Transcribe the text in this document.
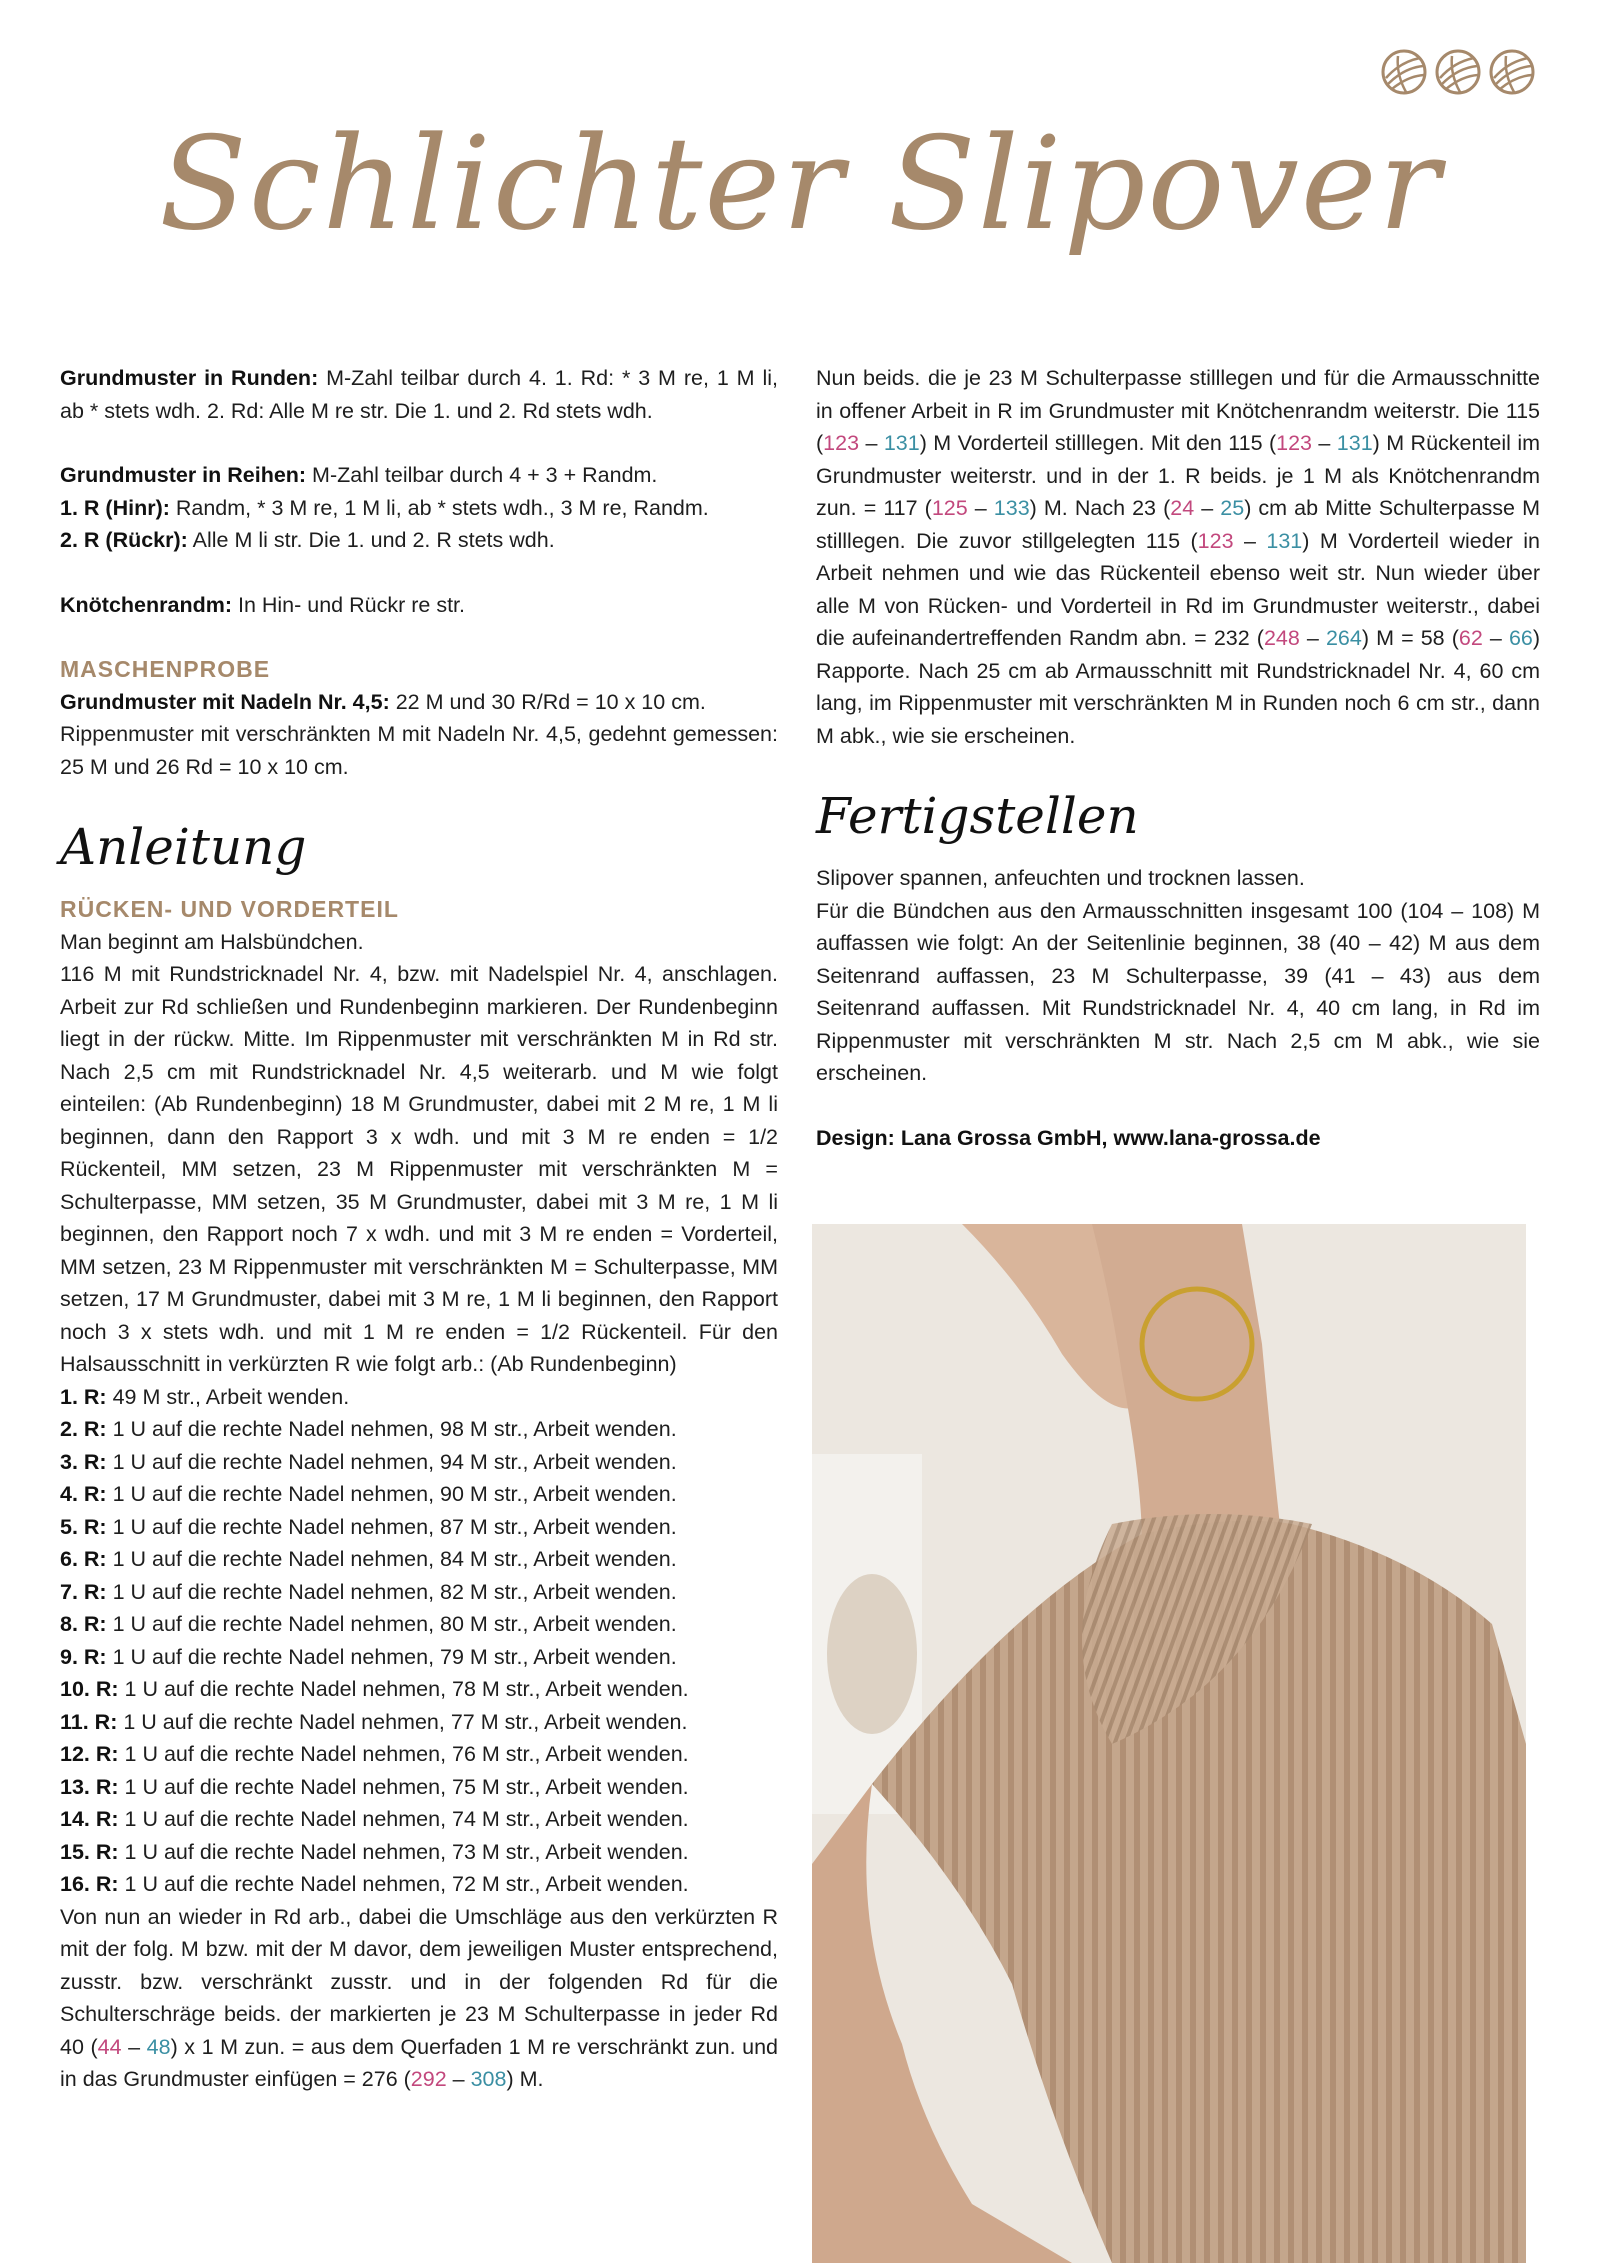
Schlichter Slipover

Grundmuster in Runden: M-Zahl teilbar durch 4. 1. Rd: * 3 M re, 1 M li, ab * stets wdh. 2. Rd: Alle M re str. Die 1. und 2. Rd stets wdh.

Grundmuster in Reihen: M-Zahl teilbar durch 4 + 3 + Randm.

1. R (Hinr): Randm, * 3 M re, 1 M li, ab * stets wdh., 3 M re, Randm.

2. R (Rückr): Alle M li str. Die 1. und 2. R stets wdh.

Knötchenrandm: In Hin- und Rückr re str.

MASCHENPROBE

Grundmuster mit Nadeln Nr. 4,5: 22 M und 30 R/Rd = 10 x 10 cm.

Rippenmuster mit verschränkten M mit Nadeln Nr. 4,5, gedehnt gemessen: 25 M und 26 Rd = 10 x 10 cm.

Anleitung

RÜCKEN- UND VORDERTEIL

Man beginnt am Halsbündchen.

116 M mit Rundstricknadel Nr. 4, bzw. mit Nadelspiel Nr. 4, anschlagen. Arbeit zur Rd schließen und Rundenbeginn markieren. Der Rundenbeginn liegt in der rückw. Mitte. Im Rippenmuster mit verschränkten M in Rd str. Nach 2,5 cm mit Rundstricknadel Nr. 4,5 weiterarb. und M wie folgt einteilen: (Ab Rundenbeginn) 18 M Grundmuster, dabei mit 2 M re, 1 M li beginnen, dann den Rapport 3 x wdh. und mit 3 M re enden = 1/2 Rückenteil, MM setzen, 23 M Rippenmuster mit verschränkten M = Schulterpasse, MM setzen, 35 M Grundmuster, dabei mit 3 M re, 1 M li beginnen, den Rapport noch 7 x wdh. und mit 3 M re enden = Vorderteil, MM setzen, 23 M Rippenmuster mit verschränkten M = Schulterpasse, MM setzen, 17 M Grundmuster, dabei mit 3 M re, 1 M li beginnen, den Rapport noch 3 x stets wdh. und mit 1 M re enden = 1/2 Rückenteil. Für den Halsausschnitt in verkürzten R wie folgt arb.: (Ab Rundenbeginn)

1. R: 49 M str., Arbeit wenden.

2. R: 1 U auf die rechte Nadel nehmen, 98 M str., Arbeit wenden.

3. R: 1 U auf die rechte Nadel nehmen, 94 M str., Arbeit wenden.

4. R: 1 U auf die rechte Nadel nehmen, 90 M str., Arbeit wenden.

5. R: 1 U auf die rechte Nadel nehmen, 87 M str., Arbeit wenden.

6. R: 1 U auf die rechte Nadel nehmen, 84 M str., Arbeit wenden.

7. R: 1 U auf die rechte Nadel nehmen, 82 M str., Arbeit wenden.

8. R: 1 U auf die rechte Nadel nehmen, 80 M str., Arbeit wenden.

9. R: 1 U auf die rechte Nadel nehmen, 79 M str., Arbeit wenden.

10. R: 1 U auf die rechte Nadel nehmen, 78 M str., Arbeit wenden.

11. R: 1 U auf die rechte Nadel nehmen, 77 M str., Arbeit wenden.

12. R: 1 U auf die rechte Nadel nehmen, 76 M str., Arbeit wenden.

13. R: 1 U auf die rechte Nadel nehmen, 75 M str., Arbeit wenden.

14. R: 1 U auf die rechte Nadel nehmen, 74 M str., Arbeit wenden.

15. R: 1 U auf die rechte Nadel nehmen, 73 M str., Arbeit wenden.

16. R: 1 U auf die rechte Nadel nehmen, 72 M str., Arbeit wenden.

Von nun an wieder in Rd arb., dabei die Umschläge aus den verkürzten R mit der folg. M bzw. mit der M davor, dem jeweiligen Muster entsprechend, zusstr. bzw. verschränkt zusstr. und in der folgenden Rd für die Schulterschräge beids. der markierten je 23 M Schulterpasse in jeder Rd 40 (44 – 48) x 1 M zun. = aus dem Querfaden 1 M re verschränkt zun. und in das Grundmuster einfügen = 276 (292 – 308) M.

Nun beids. die je 23 M Schulterpasse stilllegen und für die Armausschnitte in offener Arbeit in R im Grundmuster mit Knötchenrandm weiterstr. Die 115 (123 – 131) M Vorderteil stilllegen. Mit den 115 (123 – 131) M Rückenteil im Grundmuster weiterstr. und in der 1. R beids. je 1 M als Knötchenrandm zun. = 117 (125 – 133) M. Nach 23 (24 – 25) cm ab Mitte Schulterpasse M stilllegen. Die zuvor stillgelegten 115 (123 – 131) M Vorderteil wieder in Arbeit nehmen und wie das Rückenteil ebenso weit str. Nun wieder über alle M von Rücken- und Vorderteil in Rd im Grundmuster weiterstr., dabei die aufeinandertreffenden Randm abn. = 232 (248 – 264) M = 58 (62 – 66) Rapporte. Nach 25 cm ab Armausschnitt mit Rundstricknadel Nr. 4, 60 cm lang, im Rippenmuster mit verschränkten M in Runden noch 6 cm str., dann M abk., wie sie erscheinen.

Fertigstellen

Slipover spannen, anfeuchten und trocknen lassen.

Für die Bündchen aus den Armausschnitten insgesamt 100 (104 – 108) M auffassen wie folgt: An der Seitenlinie beginnen, 38 (40 – 42) M aus dem Seitenrand auffassen, 23 M Schulterpasse, 39 (41 – 43) aus dem Seitenrand auffassen. Mit Rundstricknadel Nr. 4, 40 cm lang, in Rd im Rippenmuster mit verschränkten M str. Nach 2,5 cm M abk., wie sie erscheinen.

Design: Lana Grossa GmbH, www.lana-grossa.de
